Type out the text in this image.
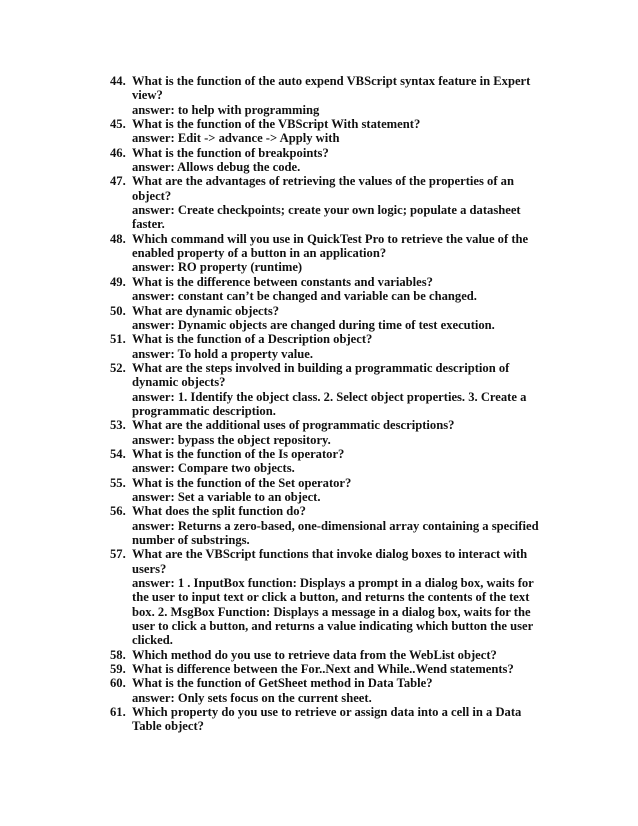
44. What is the function of the auto expend VBScript syntax feature in Expert view?
answer: to help with programming
45. What is the function of the VBScript With statement?
answer: Edit -> advance -> Apply with
46. What is the function of breakpoints?
answer: Allows debug the code.
47. What are the advantages of retrieving the values of the properties of an object?
answer: Create checkpoints; create your own logic; populate a datasheet faster.
48. Which command will you use in QuickTest Pro to retrieve the value of the enabled property of a button in an application?
answer: RO property (runtime)
49. What is the difference between constants and variables?
answer: constant can’t be changed and variable can be changed.
50. What are dynamic objects?
answer: Dynamic objects are changed during time of test execution.
51. What is the function of a Description object?
answer: To hold a property value.
52. What are the steps involved in building a programmatic description of dynamic objects?
answer: 1. Identify the object class. 2. Select object properties. 3. Create a programmatic description.
53. What are the additional uses of programmatic descriptions?
answer: bypass the object repository.
54. What is the function of the Is operator?
answer: Compare two objects.
55. What is the function of the Set operator?
answer: Set a variable to an object.
56. What does the split function do?
answer: Returns a zero-based, one-dimensional array containing a specified number of substrings.
57. What are the VBScript functions that invoke dialog boxes to interact with users?
answer: 1 . InputBox function: Displays a prompt in a dialog box, waits for the user to input text or click a button, and returns the contents of the text box. 2. MsgBox Function: Displays a message in a dialog box, waits for the user to click a button, and returns a value indicating which button the user clicked.
58. Which method do you use to retrieve data from the WebList object?
59. What is difference between the For..Next and While..Wend statements?
60. What is the function of GetSheet method in Data Table?
answer: Only sets focus on the current sheet.
61. Which property do you use to retrieve or assign data into a cell in a Data Table object?
